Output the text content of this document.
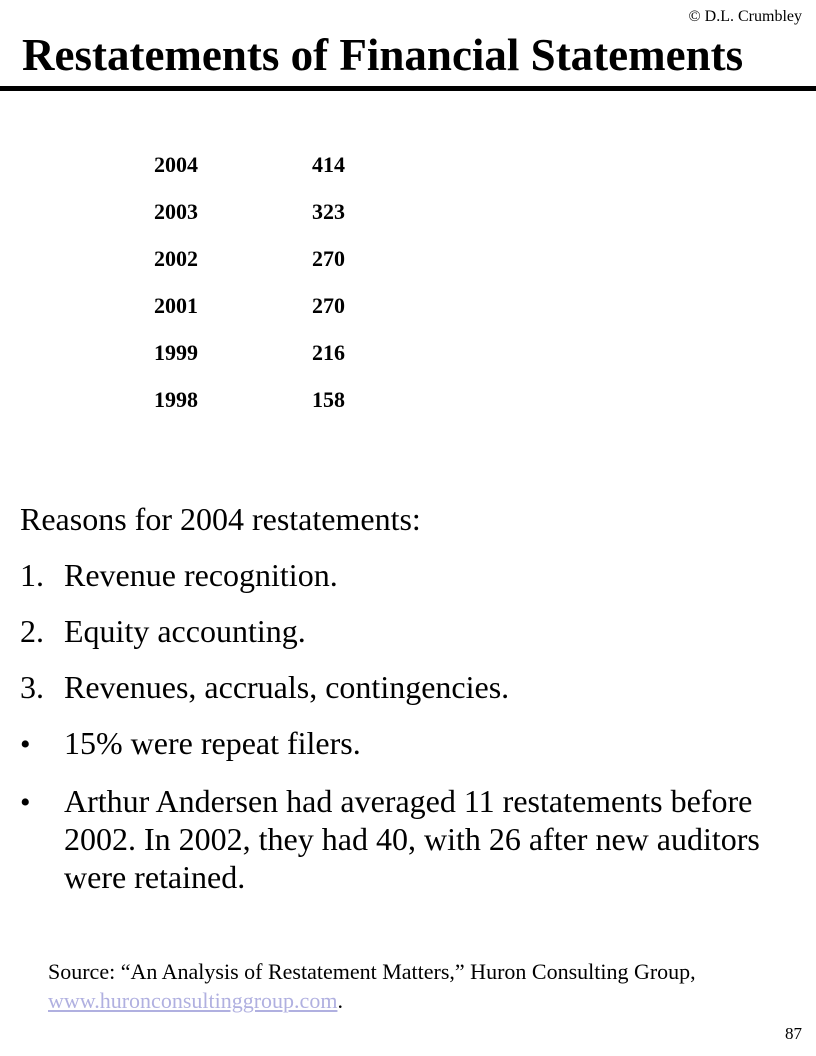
© D.L. Crumbley
Restatements of Financial Statements
2004	414
2003	323
2002	270
2001	270
1999	216
1998	158

Reasons for 2004 restatements:

1. Revenue recognition.
2. Equity accounting.
3. Revenues, accruals, contingencies.
•	15% were repeat filers.
•	Arthur Andersen had averaged 11 restatements before 2002. In 2002, they had 40, with 26 after new auditors were retained.
Source: “An Analysis of Restatement Matters,” Huron Consulting Group, www.huronconsultinggroup.com.
87
